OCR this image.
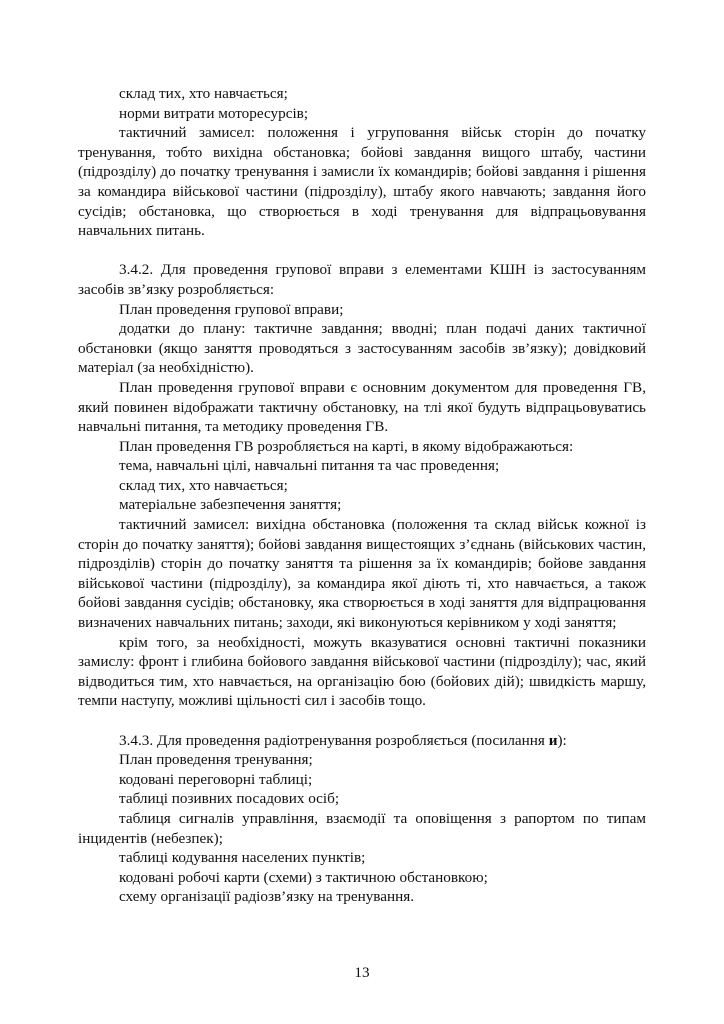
склад тих, хто навчається;

норми витрати моторесурсів;

тактичний замисел: положення і угруповання військ сторін до початку тренування, тобто вихідна обстановка; бойові завдання вищого штабу, частини (підрозділу) до початку тренування і замисли їх командирів; бойові завдання і рішення за командира військової частини (підрозділу), штабу якого навчають; завдання його сусідів; обстановка, що створюється в ході тренування для відпрацьовування навчальних питань.

3.4.2. Для проведення групової вправи з елементами КШН із застосуванням засобів зв’язку розробляється:

План проведення групової вправи;

додатки до плану: тактичне завдання; вводні; план подачі даних тактичної обстановки (якщо заняття проводяться з застосуванням засобів зв’язку); довідковий матеріал (за необхідністю).

План проведення групової вправи є основним документом для проведення ГВ, який повинен відображати тактичну обстановку, на тлі якої будуть відпрацьовуватись навчальні питання, та методику проведення ГВ.

План проведення ГВ розробляється на карті, в якому відображаються:

тема, навчальні цілі, навчальні питання та час проведення;

склад тих, хто навчається;

матеріальне забезпечення заняття;

тактичний замисел: вихідна обстановка (положення та склад військ кожної із сторін до початку заняття); бойові завдання вищестоящих з’єднань (військових частин, підрозділів) сторін до початку заняття та рішення за їх командирів; бойове завдання військової частини (підрозділу), за командира якої діють ті, хто навчається, а також бойові завдання сусідів; обстановку, яка створюється в ході заняття для відпрацювання визначених навчальних питань; заходи, які виконуються керівником у ході заняття;

крім того, за необхідності, можуть вказуватися основні тактичні показники замислу: фронт і глибина бойового завдання військової частини (підрозділу); час, який відводиться тим, хто навчається, на організацію бою (бойових дій); швидкість маршу, темпи наступу, можливі щільності сил і засобів тощо.

3.4.3. Для проведення радіотренування розробляється (посилання и):

План проведення тренування;

кодовані переговорні таблиці;

таблиці позивних посадових осіб;

таблиця сигналів управління, взаємодії та оповіщення з рапортом по типам інцидентів (небезпек);

таблиці кодування населених пунктів;

кодовані робочі карти (схеми) з тактичною обстановкою;

схему організації радіозв’язку на тренування.

13
